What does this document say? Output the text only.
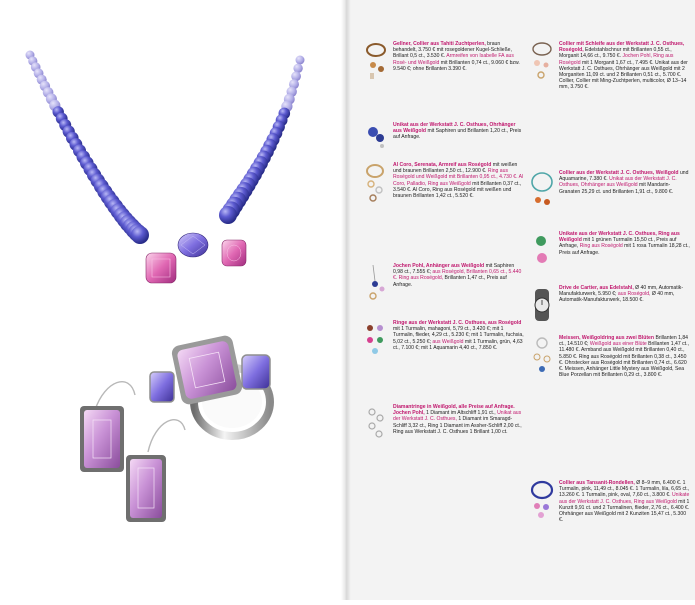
Gellner, Collier aus Tahiti Zuchtperlen, braun behandelt, 3.750 € mit rosegoldener Kugel-Schließe, Brillant 0,5 ct., 3.530 €. Armreifen von Isabelle FA aus Rosé- und Weißgold mit Brillanten 0,74 ct., 9.060 € bzw. 9.540 €; ohne Brillanten 3.390 €.
Unikat aus der Werkstatt J. C. Osthues, Ohrhänger aus Weißgold mit Saphiren und Brillanten 1,20 ct., Preis auf Anfrage.
Al Coro, Serenata, Armreif aus Roségold mit weißen und braunen Brillanten 2,50 ct., 12.900 €. Ring aus Roségold und Weißgold mit Brillanten 0,95 ct., 4.730 €. Al Coro, Palladio, Ring aus Weißgold mit Brillanten 0,37 ct., 3.540 €. Al Coro, Ring aus Roségold mit weißen und braunen Brillanten 1,42 ct., 5.520 €.
Jochen Pohl, Anhänger aus Weißgold mit Saphiren 0,98 ct., 7.555 €; aus Roségold, Brillanten 0,65 ct., 5.440 €. Ring aus Roségold, Brillanten 1,47 ct., Preis auf Anfrage.
Ringe aus der Werkstatt J. C. Osthues, aus Roségold mit 1 Turmalin, mahagoni, 5,79 ct., 3.420 €; mit 1 Turmalin, flieder, 4,29 ct., 5.230 €; mit 1 Turmalin, fuchsia, 5,02 ct., 5.250 €; aus Weißgold mit 1 Turmalin, grün, 4,63 ct., 7.100 €; mit 1 Aquamarin 4,40 ct., 7.850 €.
Diamantringe in Weißgold, alle Preise auf Anfrage. Jochen Pohl, 1 Diamant im Altschliff 1,91 ct., Unikat aus der Werkstatt J. C. Osthues, 1 Diamant im Smaragd-Schliff 3,32 ct., Ring 1 Diamant im Assher-Schliff 2,00 ct., Ring aus Werkstatt J. C. Osthues 1 Brillant 1,00 ct.
Collier mit Schleife aus der Werkstatt J. C. Osthues, Roségold, Edelstahlschnur mit Brillanten 0,55 ct., Morganit 14,66 ct., 9.750 €. Jochen Pohl, Ring aus Roségold mit 1 Morganit 1,67 ct., 7.495 €. Unikat aus der Werkstatt J. C. Osthues, Ohrhänger aus Weißgold mit 2 Morganiten 11,09 ct. und 2 Brillanten 0,51 ct., 5.700 €. Collier, Collier mit Ming-Zuchtperlen, multicolor, Ø 13–14 mm, 3.750 €.
Collier aus der Werkstatt J. C. Osthues, Weißgold und Aquamarine, 7.380 €. Unikat aus der Werkstatt J. C. Osthues, Ohrhänger aus Weißgold mit Mandarin-Granaten 25,29 ct. und Brillanten 1,91 ct., 9.800 €.
Unikate aus der Werkstatt J. C. Osthues, Ring aus Weißgold mit 1 grünen Turmalin 15,50 ct., Preis auf Anfrage, Ring aus Roségold mit 1 rosa Turmalin 18,28 ct., Preis auf Anfrage.
Drive de Cartier, aus Edelstahl, Ø 40 mm, Automatik-Manufakturwerk, 5.950 €; aus Roségold, Ø 40 mm, Automatik-Manufakturwerk, 18.500 €.
Meissen, Weißgoldring aus zwei Blüten Brillanten 1,84 ct., 14.510 €; Weißgold aus einer Blüte Brillanten 1,47 ct., 11.480 €. Armband aus Weißgold mit Brillanten 0,40 ct., 5.850 €. Ring aus Roségold mit Brillanten 0,38 ct., 3.450 €. Ohrstecker aus Roségold mit Brillanten 0,74 ct., 6.620 €. Meissen, Anhänger Little Mystery aus Weißgold, Sea Blue Porzellan mit Brillanten 0,29 ct., 3.800 €.
Collier aus Tansanit-Rondellen, Ø 8–9 mm, 6.400 €. 1 Turmalin, pink, 11,49 ct., 8.045 €. 1 Turmalin, lila, 6,65 ct., 13.260 €. 1 Turmalin, pink, oval, 7,60 ct., 3.800 €. Unikate aus der Werkstatt J. C. Osthues, Ring aus Weißgold mit 1 Kunzit 9,91 ct. und 2 Turmalinen, flieder, 2,76 ct., 6.400 €. Ohrhänger aus Weißgold mit 2 Kunziten 15,47 ct., 5.300 €.
